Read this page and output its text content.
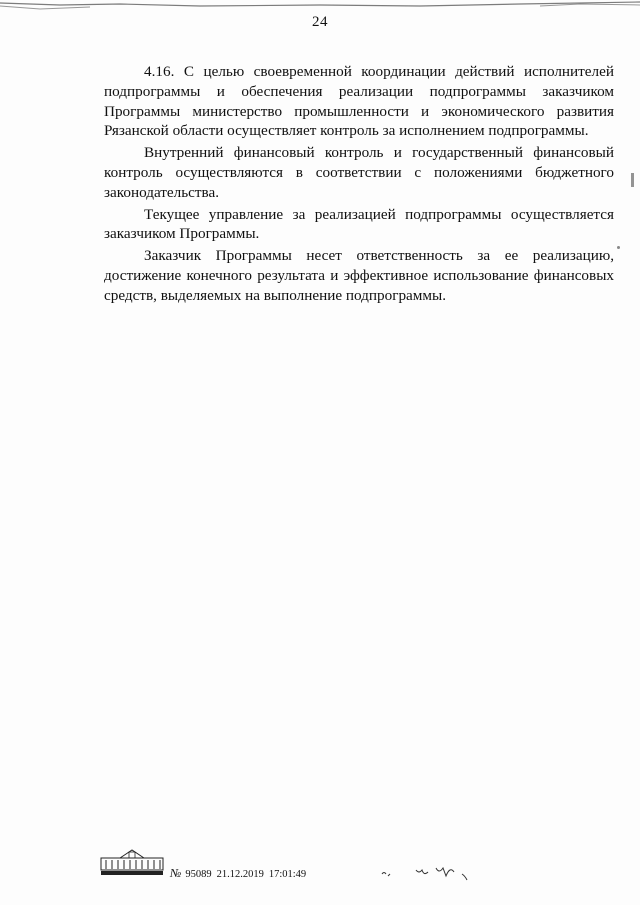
24

4.16. С целью своевременной координации действий исполнителей подпрограммы и обеспечения реализации подпрограммы заказчиком Программы министерство промышленности и экономического развития Рязанской области осуществляет контроль за исполнением подпрограммы.

Внутренний финансовый контроль и государственный финансовый контроль осуществляются в соответствии с положениями бюджетного законодательства.

Текущее управление за реализацией подпрограммы осуществляется заказчиком Программы.

Заказчик Программы несет ответственность за ее реализацию, достижение конечного результата и эффективное использование финансовых средств, выделяемых на выполнение подпрограммы.

№ 95089 21.12.2019 17:01:49
